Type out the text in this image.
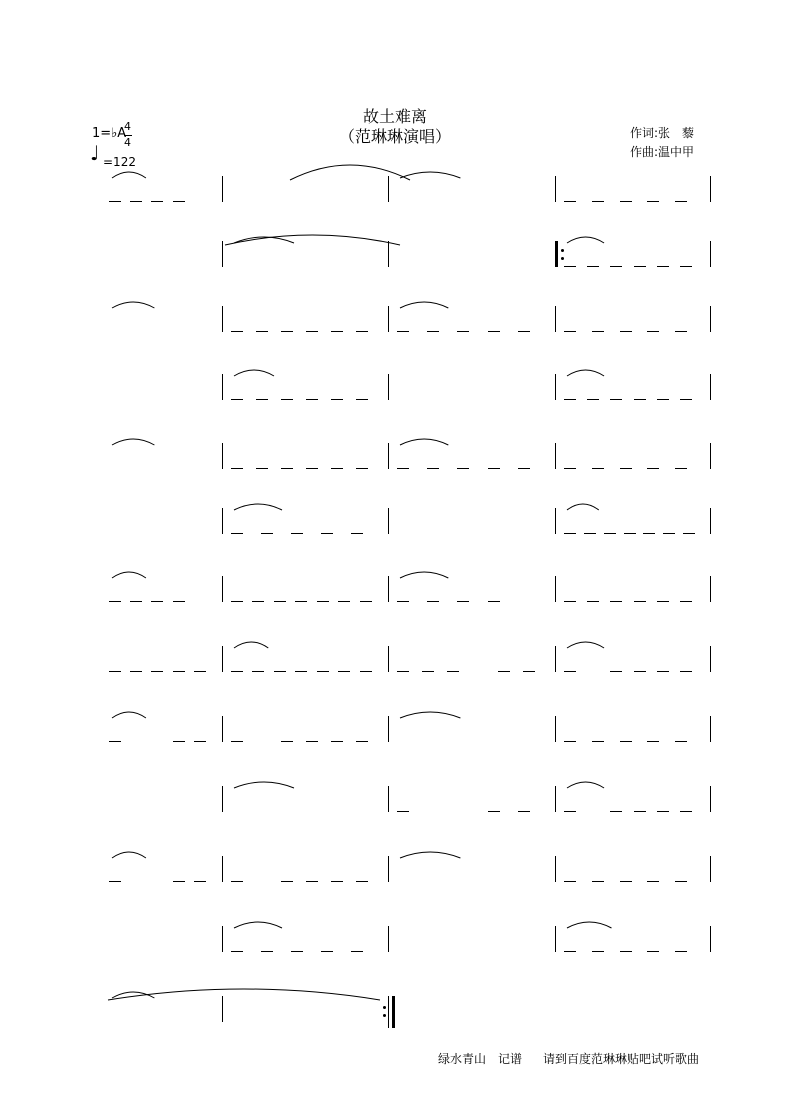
故土难离
（范琳琳演唱）
1=♭A
4
4
♩ =122
作词:张　藜
作曲:温中甲
绿水青山　记谱 请到百度范琳琳贴吧试听歌曲
